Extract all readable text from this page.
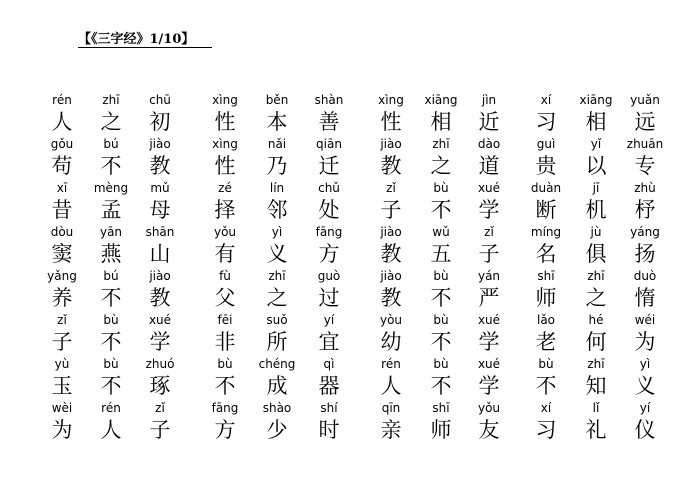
【《三字经》1/10】
rén
人
zhī
之
chū
初
xìng
性
běn
本
shàn
善
xìng
性
xiāng
相
jìn
近
xí
习
xiāng
相
yuǎn
远
gǒu
苟
bú
不
jiào
教
xìng
性
nǎi
乃
qiān
迁
jiào
教
zhī
之
dào
道
guì
贵
yǐ
以
zhuān
专
xī
昔
mèng
孟
mǔ
母
zé
择
lín
邻
chǔ
处
zǐ
子
bù
不
xué
学
duàn
断
jī
机
zhù
杼
dòu
窦
yān
燕
shān
山
yǒu
有
yì
义
fāng
方
jiào
教
wǔ
五
zǐ
子
míng
名
jù
俱
yáng
扬
yǎng
养
bú
不
jiào
教
fù
父
zhī
之
guò
过
jiào
教
bù
不
yán
严
shī
师
zhī
之
duò
惰
zǐ
子
bù
不
xué
学
fēi
非
suǒ
所
yí
宜
yòu
幼
bù
不
xué
学
lǎo
老
hé
何
wéi
为
yù
玉
bù
不
zhuó
琢
bù
不
chéng
成
qì
器
rén
人
bù
不
xué
学
bù
不
zhī
知
yì
义
wèi
为
rén
人
zǐ
子
fāng
方
shào
少
shí
时
qīn
亲
shī
师
yǒu
友
xí
习
lǐ
礼
yí
仪
